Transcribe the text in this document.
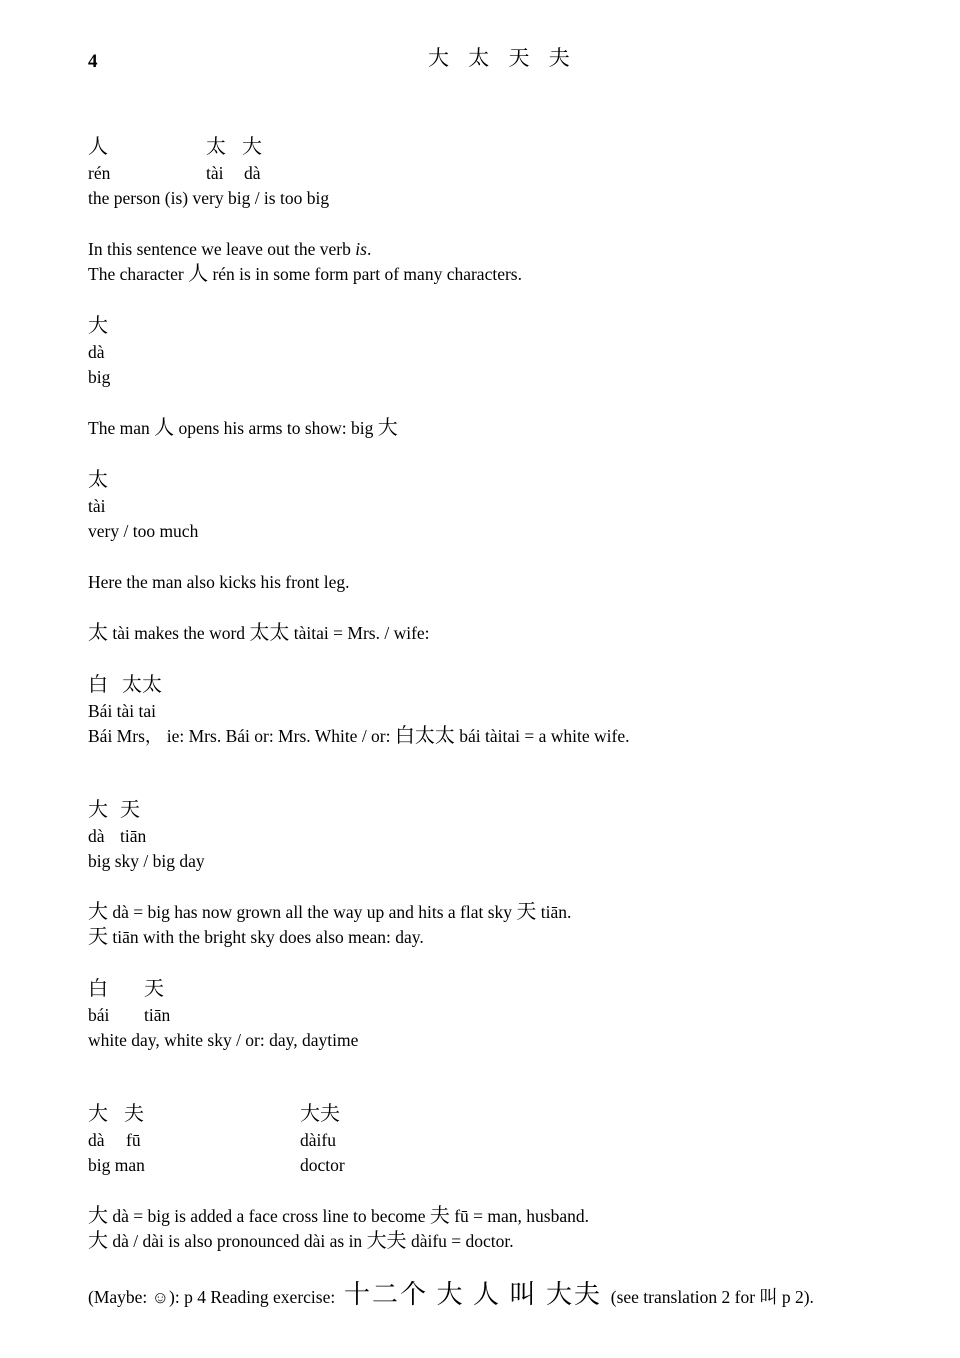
4	大 太 天 夫
人	太 大
rén	tài dà
the person (is) very big / is too big
In this sentence we leave out the verb is.
The character 人 rén is in some form part of many characters.
大
dà
big
The man 人 opens his arms to show: big 大
太
tài
very / too much
Here the man also kicks his front leg.
太 tài makes the word 太太 tàitai = Mrs. / wife:
白 太太
Bái tài tai
Bái Mrs， ie: Mrs. Bái or: Mrs. White / or: 白太太 bái tàitai = a white wife.
大 天
dà tiān
big sky / big day
大 dà = big has now grown all the way up and hits a flat sky 天 tiān.
天 tiān with the bright sky does also mean: day.
白 天
bái tiān
white day, white sky / or: day, daytime
大 夫	大夫
dà fū	dàifu
big man	doctor
大 dà = big is added a face cross line to become 夫 fū = man, husband.
大 dà / dài is also pronounced dài as in 大夫 dàifu = doctor.
(Maybe: ☺): p 4 Reading exercise: 十二个 大 人 叫 大夫 (see translation 2 for 叫 p 2).
